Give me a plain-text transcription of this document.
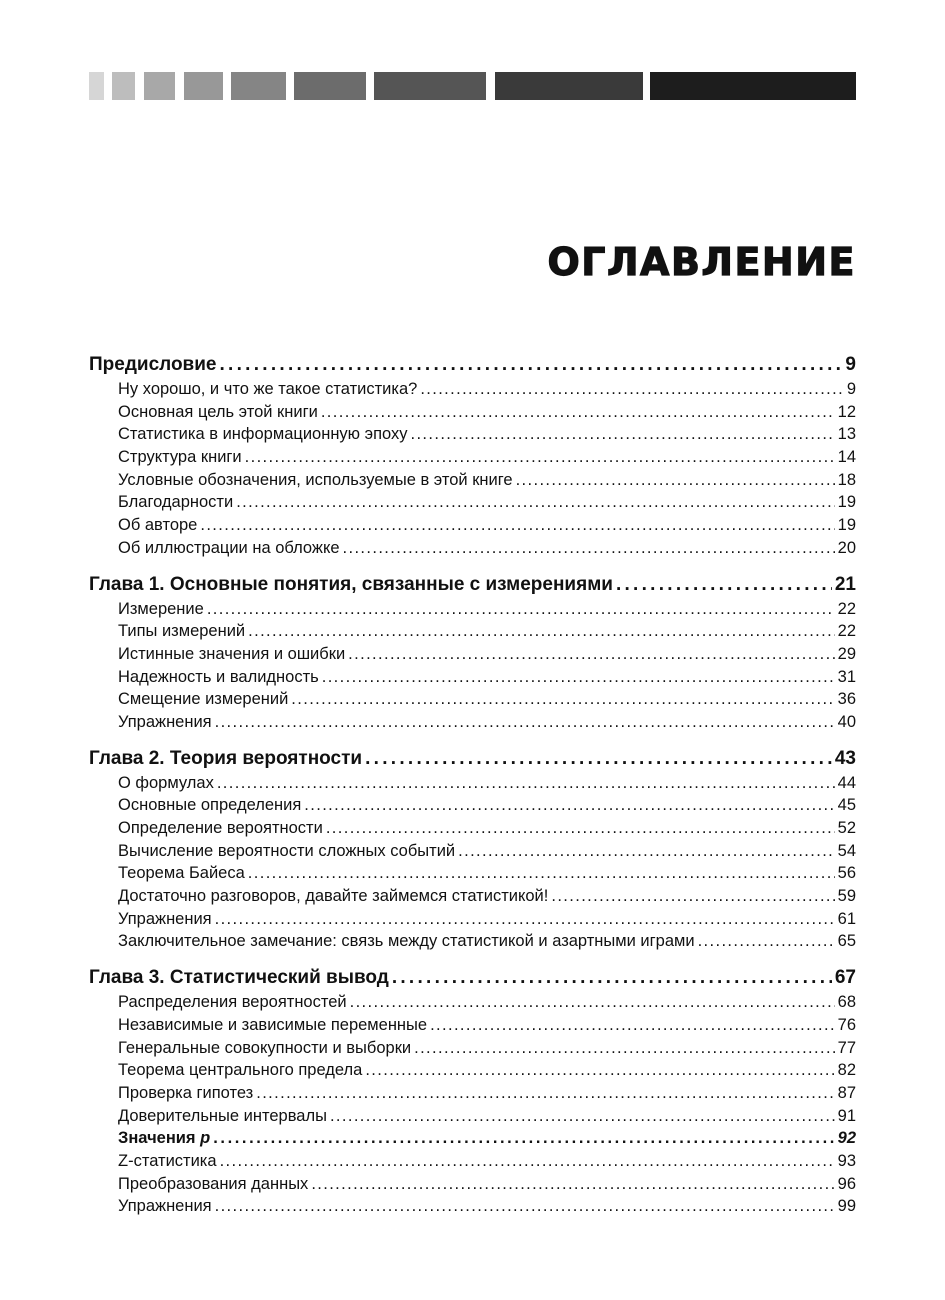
ОГЛАВЛЕНИЕ
Предисловие . . .	9
Ну хорошо, и что же такое статистика? . . .	9
Основная цель этой книги . . .	12
Статистика в информационную эпоху . . .	13
Структура книги . . .	14
Условные обозначения, используемые в этой книге . . .	18
Благодарности . . .	19
Об авторе . . .	19
Об иллюстрации на обложке . . .	20
Глава 1. Основные понятия, связанные с измерениями . . .	21
Измерение . . .	22
Типы измерений . . .	22
Истинные значения и ошибки . . .	29
Надежность и валидность . . .	31
Смещение измерений . . .	36
Упражнения . . .	40
Глава 2. Теория вероятности . . .	43
О формулах . . .	44
Основные определения . . .	45
Определение вероятности . . .	52
Вычисление вероятности сложных событий . . .	54
Теорема Байеса . . .	56
Достаточно разговоров, давайте займемся статистикой! . . .	59
Упражнения . . .	61
Заключительное замечание: связь между статистикой и азартными играми . . .	65
Глава 3. Статистический вывод . . .	67
Распределения вероятностей . . .	68
Независимые и зависимые переменные . . .	76
Генеральные совокупности и выборки . . .	77
Теорема центрального предела . . .	82
Проверка гипотез . . .	87
Доверительные интервалы . . .	91
Значения p . . .	92
Z-статистика . . .	93
Преобразования данных . . .	96
Упражнения . . .	99
